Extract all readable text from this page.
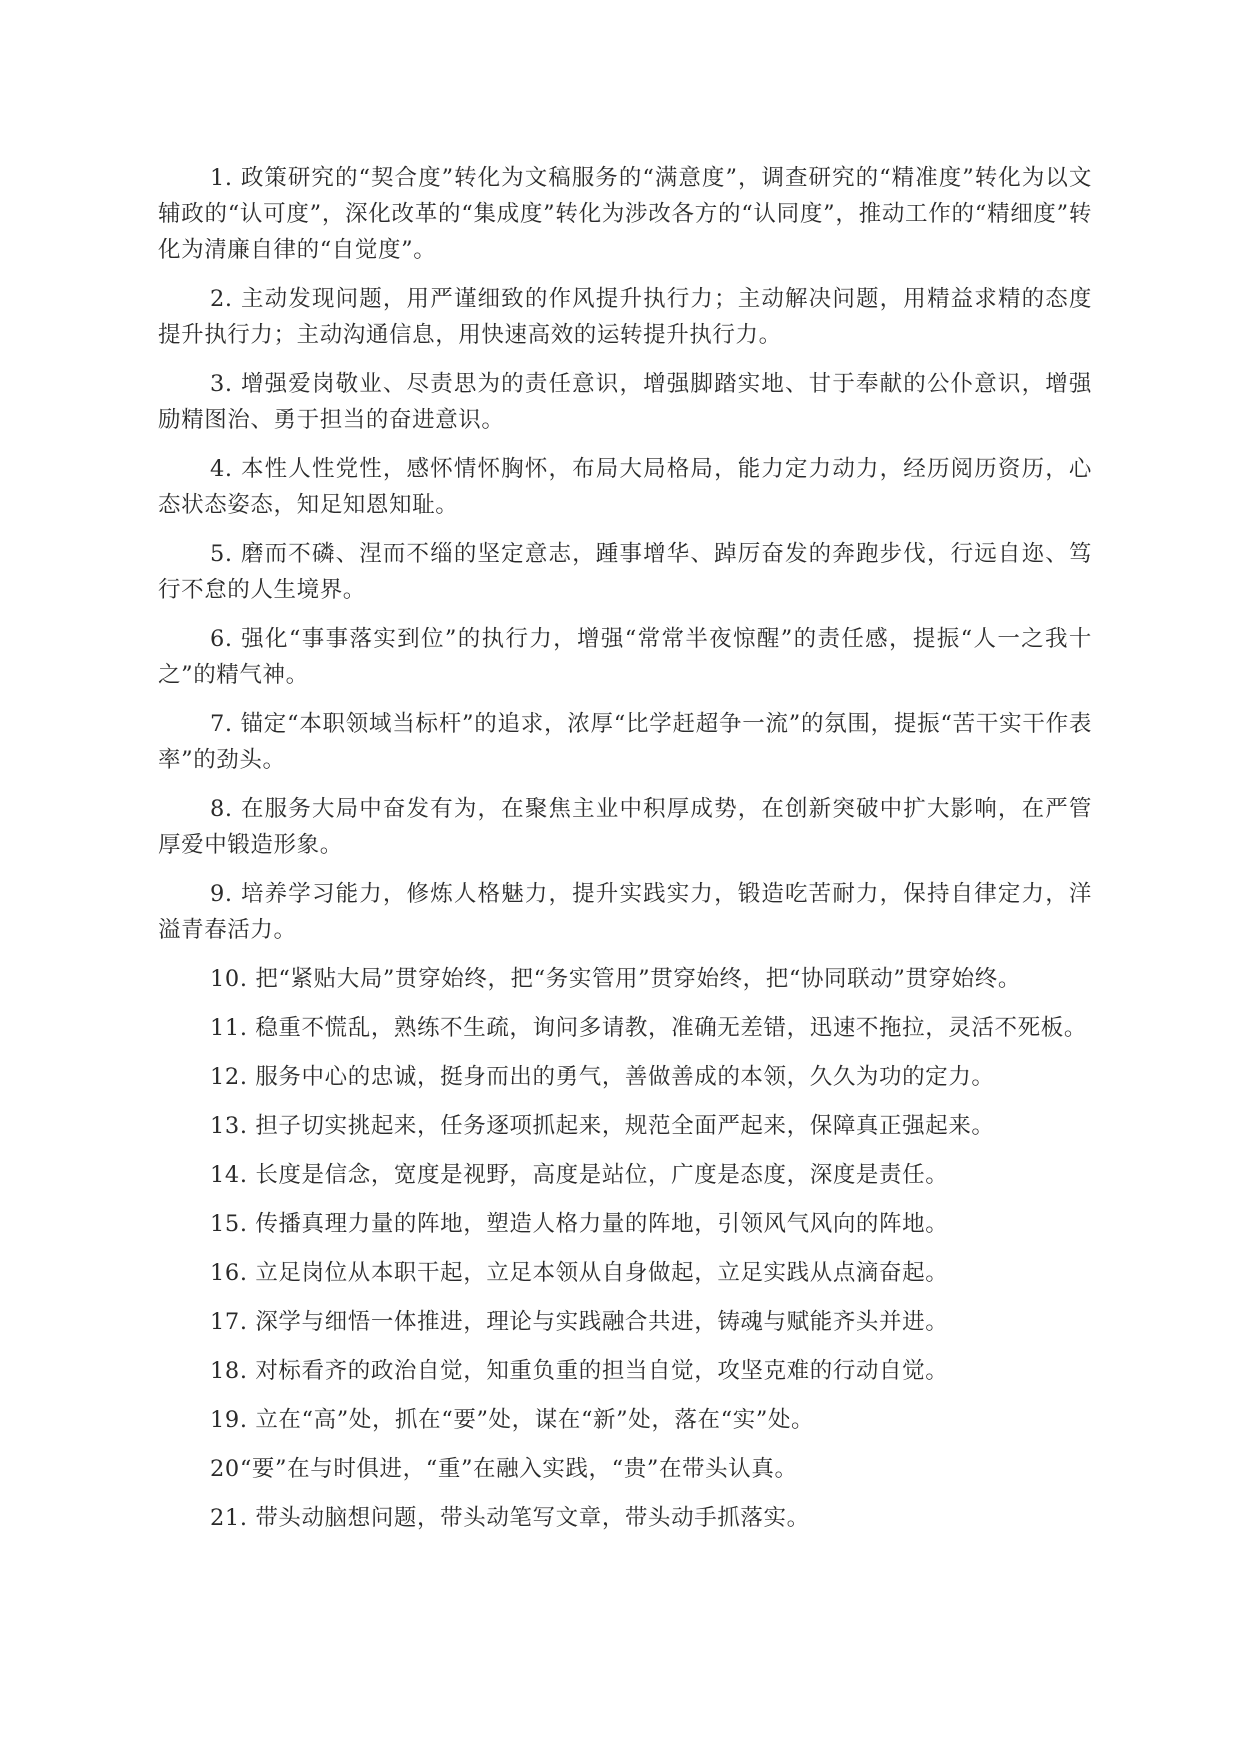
1. 政策研究的“契合度”转化为文稿服务的“满意度”，调查研究的“精准度”转化为以文辅政的“认可度”，深化改革的“集成度”转化为涉改各方的“认同度”，推动工作的“精细度”转化为清廉自律的“自觉度”。

2. 主动发现问题，用严谨细致的作风提升执行力；主动解决问题，用精益求精的态度提升执行力；主动沟通信息，用快速高效的运转提升执行力。

3. 增强爱岗敬业、尽责思为的责任意识，增强脚踏实地、甘于奉献的公仆意识，增强励精图治、勇于担当的奋进意识。

4. 本性人性党性，感怀情怀胸怀，布局大局格局，能力定力动力，经历阅历资历，心态状态姿态，知足知恩知耻。

5. 磨而不磷、涅而不缁的坚定意志，踵事增华、踔厉奋发的奔跑步伐，行远自迩、笃行不怠的人生境界。

6. 强化“事事落实到位”的执行力，增强“常常半夜惊醒”的责任感，提振“人一之我十之”的精气神。

7. 锚定“本职领域当标杆”的追求，浓厚“比学赶超争一流”的氛围，提振“苦干实干作表率”的劲头。

8. 在服务大局中奋发有为，在聚焦主业中积厚成势，在创新突破中扩大影响，在严管厚爱中锻造形象。

9. 培养学习能力，修炼人格魅力，提升实践实力，锻造吃苦耐力，保持自律定力，洋溢青春活力。

10. 把“紧贴大局”贯穿始终，把“务实管用”贯穿始终，把“协同联动”贯穿始终。

11. 稳重不慌乱，熟练不生疏，询问多请教，准确无差错，迅速不拖拉，灵活不死板。

12. 服务中心的忠诚，挺身而出的勇气，善做善成的本领，久久为功的定力。

13. 担子切实挑起来，任务逐项抓起来，规范全面严起来，保障真正强起来。

14. 长度是信念，宽度是视野，高度是站位，广度是态度，深度是责任。

15. 传播真理力量的阵地，塑造人格力量的阵地，引领风气风向的阵地。

16. 立足岗位从本职干起，立足本领从自身做起，立足实践从点滴奋起。

17. 深学与细悟一体推进，理论与实践融合共进，铸魂与赋能齐头并进。

18. 对标看齐的政治自觉，知重负重的担当自觉，攻坚克难的行动自觉。

19. 立在“高”处，抓在“要”处，谋在“新”处，落在“实”处。

20“要”在与时俱进，“重”在融入实践，“贵”在带头认真。

21. 带头动脑想问题，带头动笔写文章，带头动手抓落实。
